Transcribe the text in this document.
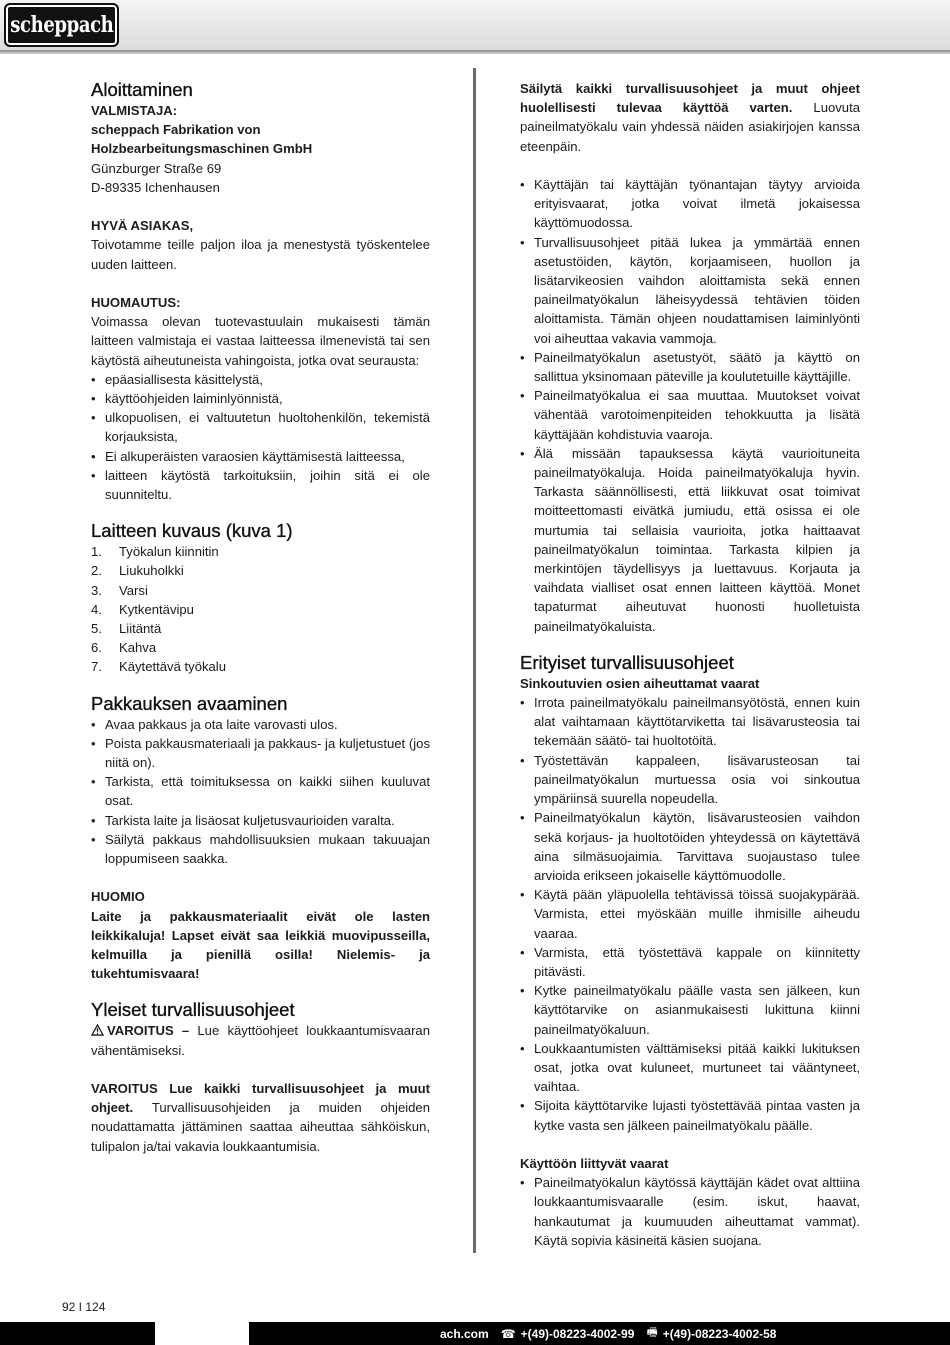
scheppach
Aloittaminen

VALMISTAJA:

scheppach Fabrikation von

Holzbearbeitungsmaschinen GmbH

Günzburger Straße 69

D-89335 Ichenhausen

HYVÄ ASIAKAS,

Toivotamme teille paljon iloa ja menestystä työskentelee uuden laitteen.

HUOMAUTUS:

Voimassa olevan tuotevastuulain mukaisesti tämän laitteen valmistaja ei vastaa laitteessa ilmenevistä tai sen käytöstä aiheutuneista vahingoista, jotka ovat seurausta:

• epäasiallisesta käsittelystä,
• käyttöohjeiden laiminlyönnistä,
• ulkopuolisen, ei valtuutetun huoltohenkilön, tekemistä korjauksista,
• Ei alkuperäisten varaosien käyttämisestä laitteessa,
• laitteen käytöstä tarkoituksiin, joihin sitä ei ole suunniteltu.
Laitteen kuvaus (kuva 1)
1. Työkalun kiinnitin
2. Liukuholkki
3. Varsi
4. Kytkentävipu
5. Liitäntä
6. Kahva
7. Käytettävä työkalu
Pakkauksen avaaminen
• Avaa pakkaus ja ota laite varovasti ulos.
• Poista pakkausmateriaali ja pakkaus- ja kuljetustuet (jos niitä on).
• Tarkista, että toimituksessa on kaikki siihen kuuluvat osat.
• Tarkista laite ja lisäosat kuljetusvaurioiden varalta.
• Säilytä pakkaus mahdollisuuksien mukaan takuuajan loppumiseen saakka.

HUOMIO

Laite ja pakkausmateriaalit eivät ole lasten leikkikaluja! Lapset eivät saa leikkiä muovipusseilla, kelmuilla ja pienillä osilla! Nielemis- ja tukehtumisvaara!

Yleiset turvallisuusohjeet

VAROITUS – Lue käyttöohjeet loukkaantumisvaaran vähentämiseksi.

VAROITUS Lue kaikki turvallisuusohjeet ja muut ohjeet. Turvallisuusohjeiden ja muiden ohjeiden noudattamatta jättäminen saattaa aiheuttaa sähköiskun, tulipalon ja/tai vakavia loukkaantumisia.

Säilytä kaikki turvallisuusohjeet ja muut ohjeet huolellisesti tulevaa käyttöä varten. Luovuta paineilmatyökalu vain yhdessä näiden asiakirjojen kanssa eteenpäin.

• Käyttäjän tai käyttäjän työnantajan täytyy arvioida erityisvaarat, jotka voivat ilmetä jokaisessa käyttömuodossa.
• Turvallisuusohjeet pitää lukea ja ymmärtää ennen asetustöiden, käytön, korjaamiseen, huollon ja lisätarvikeosien vaihdon aloittamista sekä ennen paineilmatyökalun läheisyydessä tehtävien töiden aloittamista. Tämän ohjeen noudattamisen laiminlyönti voi aiheuttaa vakavia vammoja.
• Paineilmatyökalun asetustyöt, säätö ja käyttö on sallittua yksinomaan päteville ja koulutetuille käyttäjille.
• Paineilmatyökalua ei saa muuttaa. Muutokset voivat vähentää varotoimenpiteiden tehokkuutta ja lisätä käyttäjään kohdistuvia vaaroja.
• Älä missään tapauksessa käytä vaurioituneita paineilmatyökaluja. Hoida paineilmatyökaluja hyvin. Tarkasta säännöllisesti, että liikkuvat osat toimivat moitteettomasti eivätkä jumiudu, että osissa ei ole murtumia tai sellaisia vaurioita, jotka haittaavat paineilmatyökalun toimintaa. Tarkasta kilpien ja merkintöjen täydellisyys ja luettavuus. Korjauta ja vaihdata vialliset osat ennen laitteen käyttöä. Monet tapaturmat aiheutuvat huonosti huolletuista paineilmatyökaluista.
Erityiset turvallisuusohjeet

Sinkoutuvien osien aiheuttamat vaarat

• Irrota paineilmatyökalu paineilmansyötöstä, ennen kuin alat vaihtamaan käyttötarviketta tai lisävarusteosia tai tekemään säätö- tai huoltotöitä.
• Työstettävän kappaleen, lisävarusteosan tai paineilmatyökalun murtuessa osia voi sinkoutua ympäriinsä suurella nopeudella.
• Paineilmatyökalun käytön, lisävarusteosien vaihdon sekä korjaus- ja huoltotöiden yhteydessä on käytettävä aina silmäsuojaimia. Tarvittava suojaustaso tulee arvioida erikseen jokaiselle käyttömuodolle.
• Käytä pään yläpuolella tehtävissä töissä suojakypärää. Varmista, ettei myöskään muille ihmisille aiheudu vaaraa.
• Varmista, että työstettävä kappale on kiinnitetty pitävästi.
• Kytke paineilmatyökalu päälle vasta sen jälkeen, kun käyttötarvike on asianmukaisesti lukittuna kiinni paineilmatyökaluun.
• Loukkaantumisten välttämiseksi pitää kaikki lukituksen osat, jotka ovat kuluneet, murtuneet tai vääntyneet, vaihtaa.
• Sijoita käyttötarvike lujasti työstettävää pintaa vasten ja kytke vasta sen jälkeen paineilmatyökalu päälle.

Käyttöön liittyvät vaarat

• Paineilmatyökalun käytössä käyttäjän kädet ovat alttiina loukkaantumisvaaralle (esim. iskut, haavat, hankautumat ja kuumuuden aiheuttamat vammat). Käytä sopivia käsineitä käsien suojana.
92 I 124
ach.com ☎ +(49)-08223-4002-99 🖷 +(49)-08223-4002-58
